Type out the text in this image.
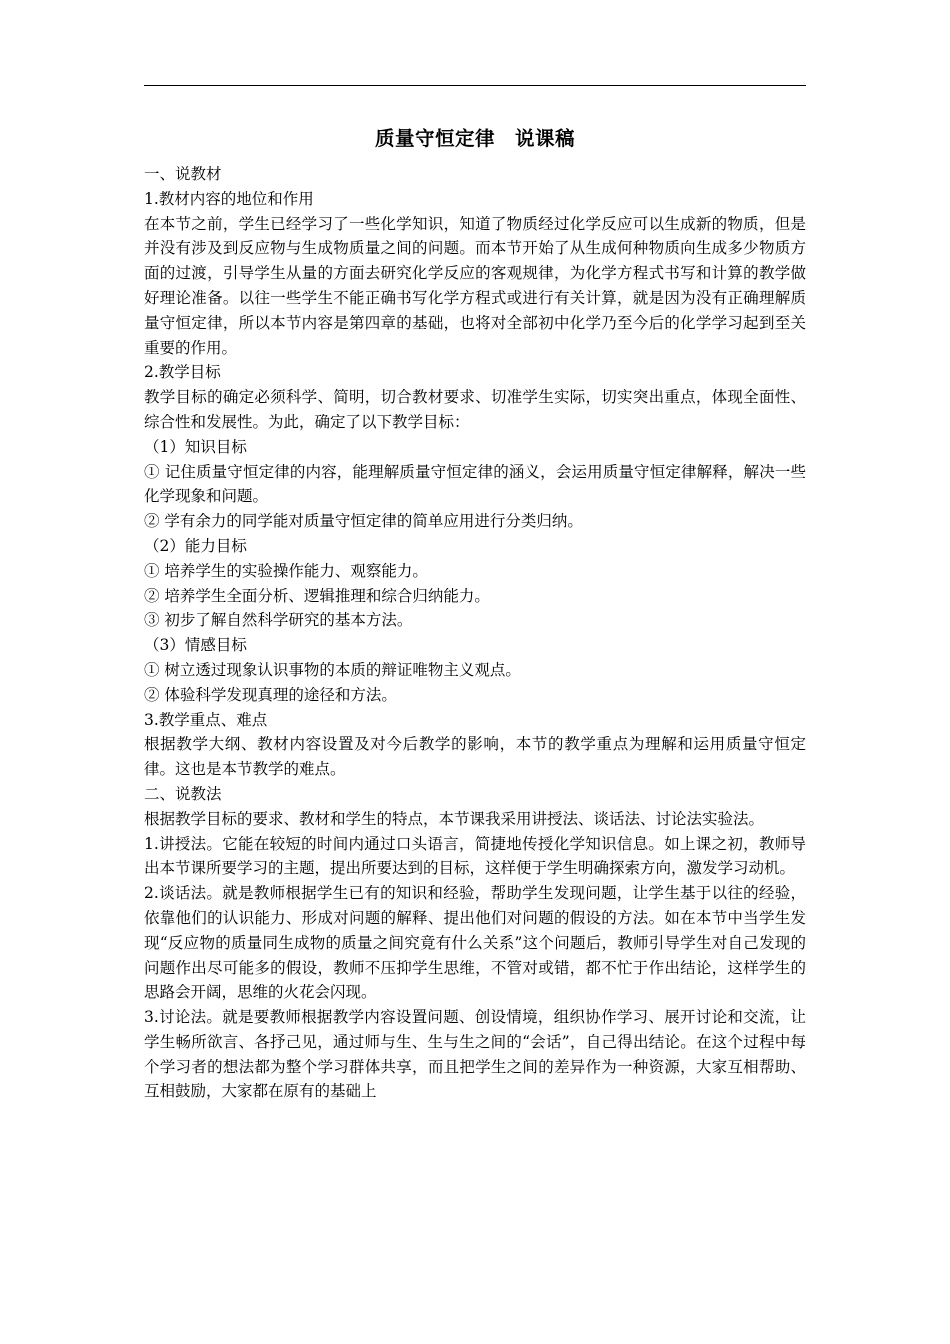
质量守恒定律　说课稿

一、说教材

1.教材内容的地位和作用

在本节之前，学生已经学习了一些化学知识，知道了物质经过化学反应可以生成新的物质，但是并没有涉及到反应物与生成物质量之间的问题。而本节开始了从生成何种物质向生成多少物质方面的过渡，引导学生从量的方面去研究化学反应的客观规律，为化学方程式书写和计算的教学做好理论准备。以往一些学生不能正确书写化学方程式或进行有关计算，就是因为没有正确理解质量守恒定律，所以本节内容是第四章的基础，也将对全部初中化学乃至今后的化学学习起到至关重要的作用。

2.教学目标

教学目标的确定必须科学、简明，切合教材要求、切准学生实际，切实突出重点，体现全面性、综合性和发展性。为此，确定了以下教学目标：

（1）知识目标

① 记住质量守恒定律的内容，能理解质量守恒定律的涵义，会运用质量守恒定律解释，解决一些化学现象和问题。

② 学有余力的同学能对质量守恒定律的简单应用进行分类归纳。

（2）能力目标

① 培养学生的实验操作能力、观察能力。

② 培养学生全面分析、逻辑推理和综合归纳能力。

③ 初步了解自然科学研究的基本方法。

（3）情感目标

① 树立透过现象认识事物的本质的辩证唯物主义观点。

② 体验科学发现真理的途径和方法。

3.教学重点、难点

根据教学大纲、教材内容设置及对今后教学的影响，本节的教学重点为理解和运用质量守恒定律。这也是本节教学的难点。

二、说教法

根据教学目标的要求、教材和学生的特点，本节课我采用讲授法、谈话法、讨论法实验法。

1.讲授法。它能在较短的时间内通过口头语言，简捷地传授化学知识信息。如上课之初，教师导出本节课所要学习的主题，提出所要达到的目标，这样便于学生明确探索方向，激发学习动机。

2.谈话法。就是教师根据学生已有的知识和经验，帮助学生发现问题，让学生基于以往的经验，依靠他们的认识能力、形成对问题的解释、提出他们对问题的假设的方法。如在本节中当学生发现“反应物的质量同生成物的质量之间究竟有什么关系”这个问题后，教师引导学生对自己发现的问题作出尽可能多的假设，教师不压抑学生思维，不管对或错，都不忙于作出结论，这样学生的思路会开阔，思维的火花会闪现。

3.讨论法。就是要教师根据教学内容设置问题、创设情境，组织协作学习、展开讨论和交流，让学生畅所欲言、各抒己见，通过师与生、生与生之间的“会话”，自己得出结论。在这个过程中每个学习者的想法都为整个学习群体共享，而且把学生之间的差异作为一种资源，大家互相帮助、互相鼓励，大家都在原有的基础上
